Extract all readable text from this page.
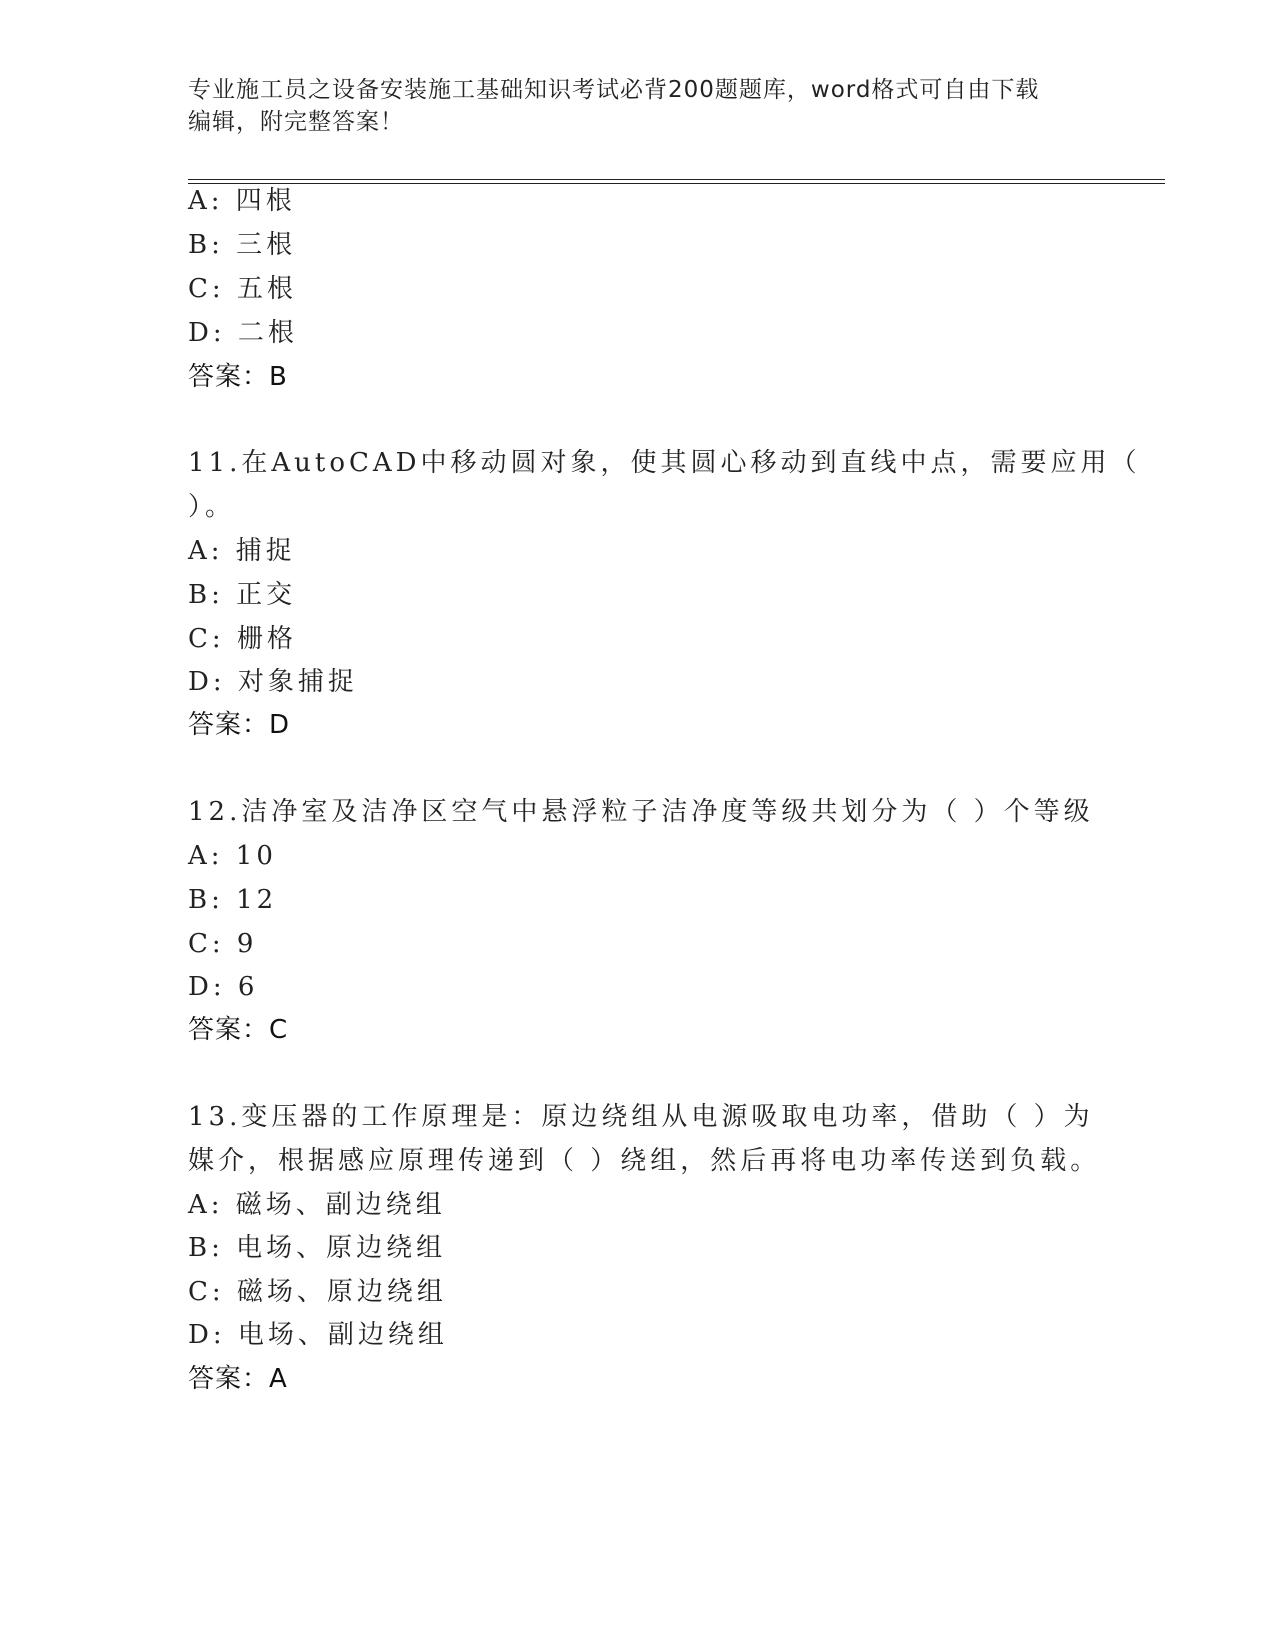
专业施工员之设备安装施工基础知识考试必背200题题库，word格式可自由下载
编辑，附完整答案！
A: 四根
B: 三根
C: 五根
D: 二根
答案：B
11.在AutoCAD中移动圆对象，使其圆心移动到直线中点，需要应用（
）。
A: 捕捉
B: 正交
C: 栅格
D: 对象捕捉
答案：D
12.洁净室及洁净区空气中悬浮粒子洁净度等级共划分为（ ）个等级
A: 10
B: 12
C: 9
D: 6
答案：C
13.变压器的工作原理是：原边绕组从电源吸取电功率，借助（ ）为
媒介，根据感应原理传递到（ ）绕组，然后再将电功率传送到负载。
A: 磁场、副边绕组
B: 电场、原边绕组
C: 磁场、原边绕组
D: 电场、副边绕组
答案：A
